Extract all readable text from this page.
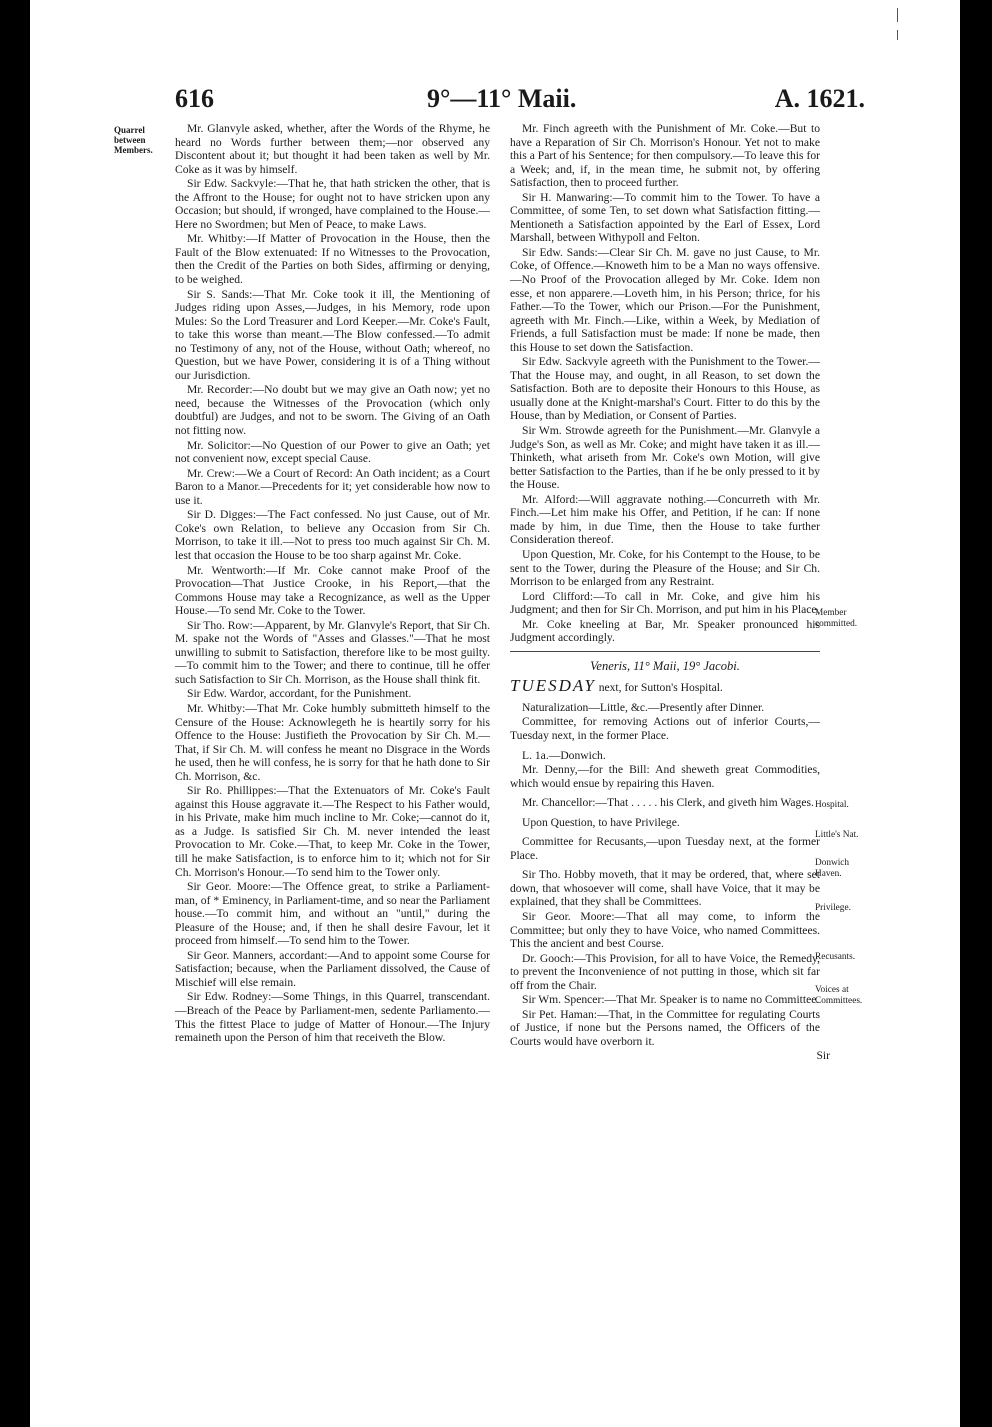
616	9°—11° Maii.	A. 1621.
Quarrel between Members.

Mr. Glanvyle asked, whether, after the Words of the Rhyme, he heard no Words further between them;—nor observed any Discontent about it; but thought it had been taken as well by Mr. Coke as it was by himself.

Sir Edw. Sackvyle:—That he, that hath stricken the other, that is the Affront to the House; for ought not to have stricken upon any Occasion; but should, if wronged, have complained to the House.—Here no Swordmen; but Men of Peace, to make Laws.

Mr. Whitby:—If Matter of Provocation in the House, then the Fault of the Blow extenuated: If no Witnesses to the Provocation, then the Credit of the Parties on both Sides, affirming or denying, to be weighed.

Sir S. Sands:—That Mr. Coke took it ill, the Mentioning of Judges riding upon Asses,—Judges, in his Memory, rode upon Mules: So the Lord Treasurer and Lord Keeper.—Mr. Coke's Fault, to take this worse than meant.—The Blow confessed.—To admit no Testimony of any, not of the House, without Oath; whereof, no Question, but we have Power, considering it is of a Thing without our Jurisdiction.

Mr. Recorder:—No doubt but we may give an Oath now; yet no need, because the Witnesses of the Provocation (which only doubtful) are Judges, and not to be sworn. The Giving of an Oath not fitting now.

Mr. Solicitor:—No Question of our Power to give an Oath; yet not convenient now, except special Cause.

Mr. Crew:—We a Court of Record: An Oath incident; as a Court Baron to a Manor.—Precedents for it; yet considerable how now to use it.

Sir D. Digges:—The Fact confessed. No just Cause, out of Mr. Coke's own Relation, to believe any Occasion from Sir Ch. Morrison, to take it ill.—Not to press too much against Sir Ch. M. lest that occasion the House to be too sharp against Mr. Coke.

Mr. Wentworth:—If Mr. Coke cannot make Proof of the Provocation—That Justice Crooke, in his Report,—that the Commons House may take a Recognizance, as well as the Upper House.—To send Mr. Coke to the Tower.

Sir Tho. Row:—Apparent, by Mr. Glanvyle's Report, that Sir Ch. M. spake not the Words of "Asses and Glasses."—That he most unwilling to submit to Satisfaction, therefore like to be most guilty.—To commit him to the Tower; and there to continue, till he offer such Satisfaction to Sir Ch. Morrison, as the House shall think fit.

Sir Edw. Wardor, accordant, for the Punishment.

Mr. Whitby:—That Mr. Coke humbly submitteth himself to the Censure of the House: Acknowlegeth he is heartily sorry for his Offence to the House: Justifieth the Provocation by Sir Ch. M.—That, if Sir Ch. M. will confess he meant no Disgrace in the Words he used, then he will confess, he is sorry for that he hath done to Sir Ch. Morrison, &c.

Sir Ro. Phillippes:—That the Extenuators of Mr. Coke's Fault against this House aggravate it.—The Respect to his Father would, in his Private, make him much incline to Mr. Coke;—cannot do it, as a Judge. Is satisfied Sir Ch. M. never intended the least Provocation to Mr. Coke.—That, to keep Mr. Coke in the Tower, till he make Satisfaction, is to enforce him to it; which not for Sir Ch. Morrison's Honour.—To send him to the Tower only.

Sir Geor. Moore:—The Offence great, to strike a Parliament-man, of * Eminency, in Parliament-time, and so near the Parliament house.—To commit him, and without an "until," during the Pleasure of the House; and, if then he shall desire Favour, let it proceed from himself.—To send him to the Tower.

Sir Geor. Manners, accordant:—And to appoint some Course for Satisfaction; because, when the Parliament dissolved, the Cause of Mischief will else remain.

Sir Edw. Rodney:—Some Things, in this Quarrel, transcendant.—Breach of the Peace by Parliament-men, sedente Parliamento.—This the fittest Place to judge of Matter of Honour.—The Injury remaineth upon the Person of him that receiveth the Blow.

Mr. Finch agreeth with the Punishment of Mr. Coke.—But to have a Reparation of Sir Ch. Morrison's Honour. Yet not to make this a Part of his Sentence; for then compulsory.—To leave this for a Week; and, if, in the mean time, he submit not, by offering Satisfaction, then to proceed further.

Sir H. Manwaring:—To commit him to the Tower. To have a Committee, of some Ten, to set down what Satisfaction fitting.—Mentioneth a Satisfaction appointed by the Earl of Essex, Lord Marshall, between Withypoll and Felton.

Sir Edw. Sands:—Clear Sir Ch. M. gave no just Cause, to Mr. Coke, of Offence.—Knoweth him to be a Man no ways offensive.—No Proof of the Provocation alleged by Mr. Coke. Idem non esse, et non apparere.—Loveth him, in his Person; thrice, for his Father.—To the Tower, which our Prison.—For the Punishment, agreeth with Mr. Finch.—Like, within a Week, by Mediation of Friends, a full Satisfaction must be made: If none be made, then this House to set down the Satisfaction.

Sir Edw. Sackvyle agreeth with the Punishment to the Tower.—That the House may, and ought, in all Reason, to set down the Satisfaction. Both are to deposite their Honours to this House, as usually done at the Knight-marshal's Court. Fitter to do this by the House, than by Mediation, or Consent of Parties.

Sir Wm. Strowde agreeth for the Punishment.—Mr. Glanvyle a Judge's Son, as well as Mr. Coke; and might have taken it as ill.—Thinketh, what ariseth from Mr. Coke's own Motion, will give better Satisfaction to the Parties, than if he be only pressed to it by the House.

Mr. Alford:—Will aggravate nothing.—Concurreth with Mr. Finch.—Let him make his Offer, and Petition, if he can: If none made by him, in due Time, then the House to take further Consideration thereof.

Upon Question, Mr. Coke, for his Contempt to the House, to be sent to the Tower, during the Pleasure of the House; and Sir Ch. Morrison to be enlarged from any Restraint.

Lord Clifford:—To call in Mr. Coke, and give him his Judgment; and then for Sir Ch. Morrison, and put him in his Place.

Mr. Coke kneeling at Bar, Mr. Speaker pronounced his Judgment accordingly.

Veneris, 11° Maii, 19° Jacobi.

TUESDAY next, for Sutton's Hospital.

Naturalization—Little, &c.—Presently after Dinner.

Committee, for removing Actions out of inferior Courts,—Tuesday next, in the former Place.

L. 1a.—Donwich.

Mr. Denny,—for the Bill: And sheweth great Commodities, which would ensue by repairing this Haven.

Mr. Chancellor:—That . . . . . his Clerk, and giveth him Wages.

Upon Question, to have Privilege.

Committee for Recusants,—upon Tuesday next, at the former Place.

Sir Tho. Hobby moveth, that it may be ordered, that, where set down, that whosoever will come, shall have Voice, that it may be explained, that they shall be Committees.

Sir Geor. Moore:—That all may come, to inform the Committee; but only they to have Voice, who named Committees. This the ancient and best Course.

Dr. Gooch:—This Provision, for all to have Voice, the Remedy, to prevent the Inconvenience of not putting in those, which sit far off from the Chair.

Sir Wm. Spencer:—That Mr. Speaker is to name no Committee.

Sir Pet. Haman:—That, in the Committee for regulating Courts of Justice, if none but the Persons named, the Officers of the Courts would have overborn it.

Sir
Member committed.
Hospital.
Little's Nat.
Donwich Haven.
Privilege.
Recusants.
Voices at Committees.
